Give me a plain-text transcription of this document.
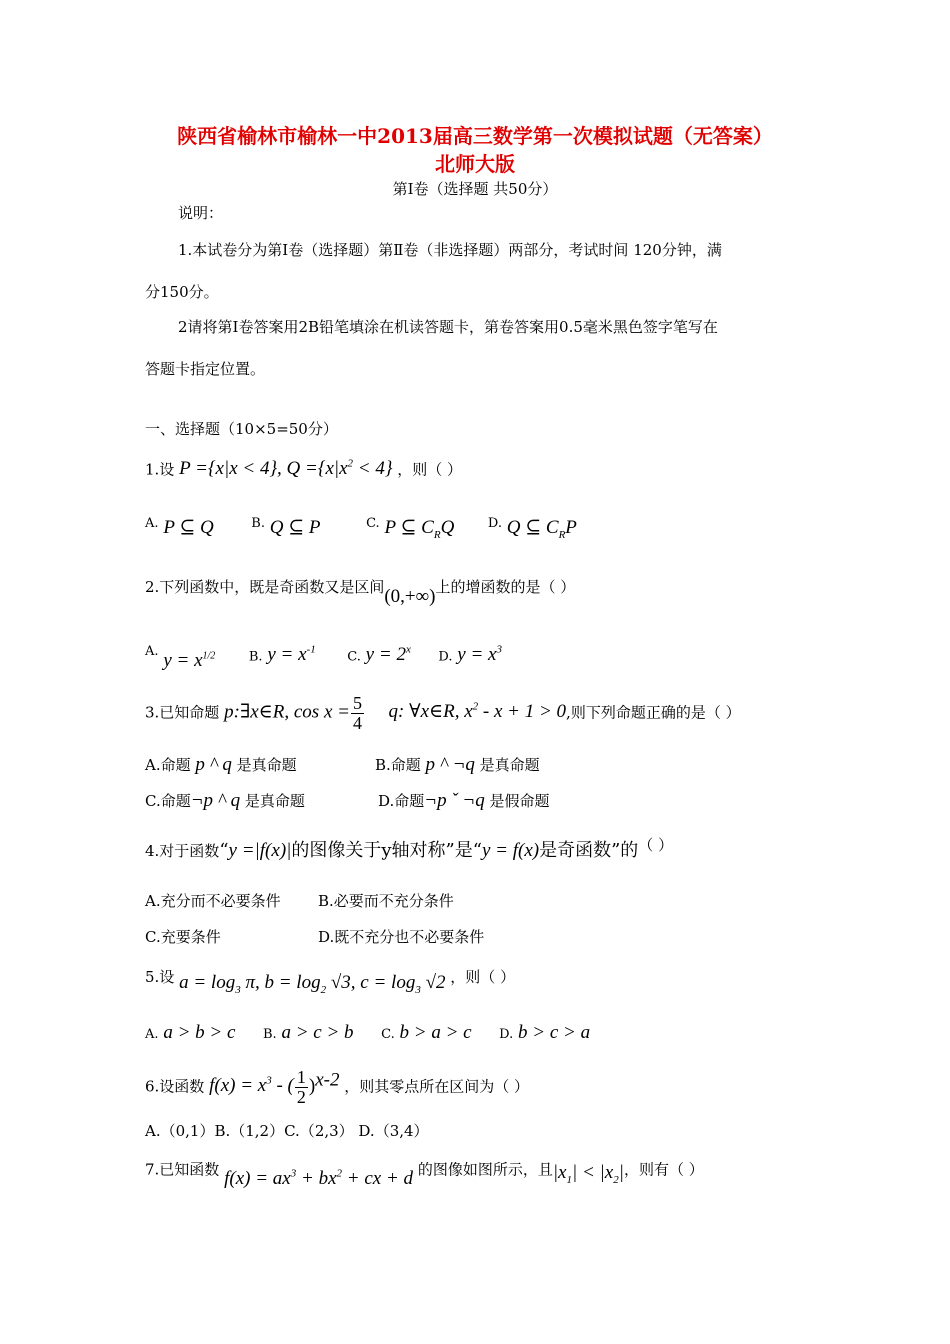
陕西省榆林市榆林一中2013届高三数学第一次模拟试题（无答案）
北师大版
第Ⅰ卷（选择题 共50分）
说明：
1.本试卷分为第Ⅰ卷（选择题）第Ⅱ卷（非选择题）两部分，考试时间 120分钟，满
分150分。
2请将第Ⅰ卷答案用2B铅笔填涂在机读答题卡，第卷答案用0.5毫米黑色签字笔写在
答题卡指定位置。
一、选择题（10×5=50分）
1.设 P ={x|x < 4}, $Q =\{x|x^2 < 4\}$ ，则（ ）
A. P ⊆ Q	B. Q ⊆ P	C. P ⊆ $C_RQ$	D. Q ⊆ $C_RP$
2.下列函数中，既是奇函数又是区间(0,+∞)上的增函数的是（ ）
A. $y = x^{1/2}$	B. $y = x^{-1}$ C. $y = 2^x$ D. $y = x^3$
3.已知命题 p:∃x∈R, $\cos x = \frac{5}{4} q$: ∀x∈R, $x^2 - x + 1 > 0$,则下列命题正确的是（ ）
A.命题 p ^ q 是真命题	B.命题 p ^ ¬q 是真命题
C.命题¬p ^ q 是真命题	D.命题¬p ˇ ¬q 是假命题
4.对于函数“y =|f(x)|的图像关于y轴对称”是“y = f(x)是奇函数”的（ ）
A.充分而不必要条件 B.必要而不充分条件
C.充要条件	D.既不充分也不必要条件
5.设 $a = \log_3 \pi$, $b = \log_2 √3$, $c = \log_3 √2$ ，则（ ）
A. a > b > c B. a > c > b C. b > a > c D. b > c > a
6.设函数 $f(x) = x^3$ - ( $\frac{1}{2} )^{x-2}$ ，则其零点所在区间为（ ）
A.（0,1）B.（1,2）C.（2,3） D.（3,4）
7.已知函数 $f(x) = ax^3 + bx^2$ + cx + d 的图像如图所示，且$|x_1| < |x_2|$，则有（ ）
